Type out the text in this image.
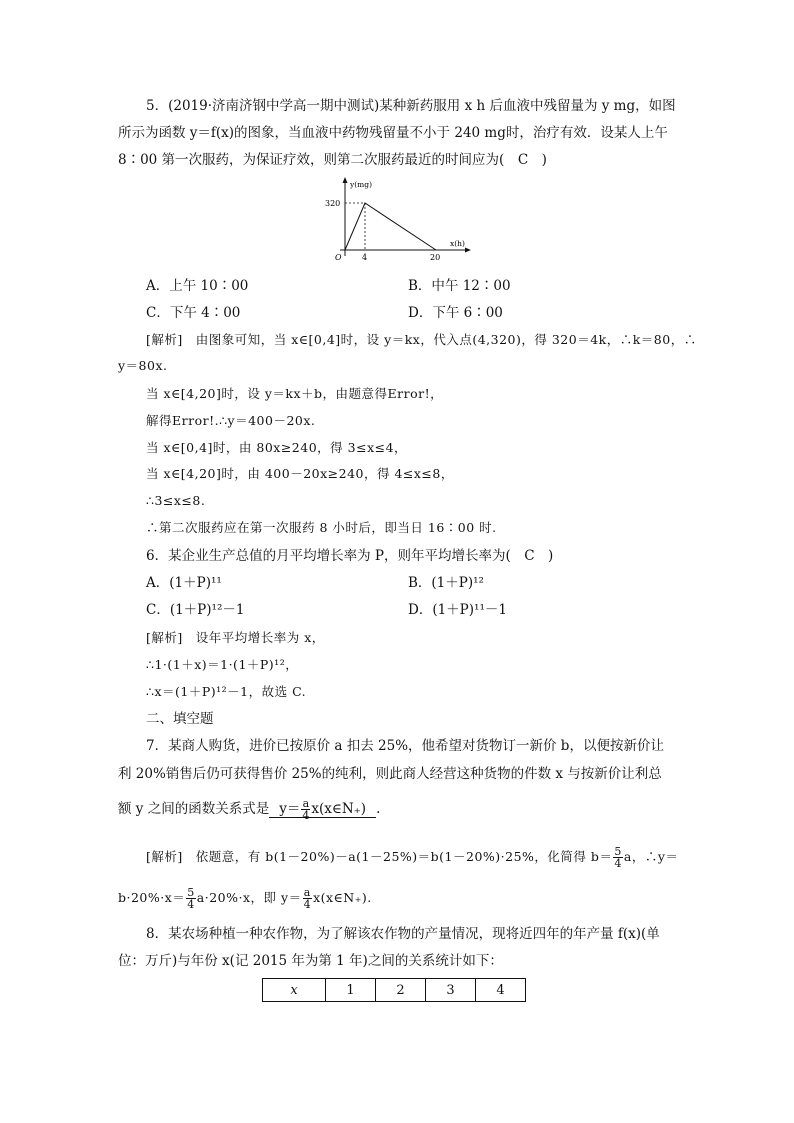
5．(2019·济南济钢中学高一期中测试)某种新药服用 x h 后血液中残留量为 y mg，如图
所示为函数 y＝f(x)的图象，当血液中药物残留量不小于 240 mg时，治疗有效．设某人上午
8∶00 第一次服药，为保证疗效，则第二次服药最近的时间应为(　C　)
y(mg)
x(h)
320
O	4	20
A．上午 10∶00	B．中午 12∶00
C．下午 4∶00	D．下午 6∶00
[解析]　由图象可知，当 x∈[0,4]时，设 y＝kx，代入点(4,320)，得 320＝4k，∴k＝80，∴
y＝80x.
当 x∈[4,20]时，设 y＝kx＋b，由题意得Error!，
解得Error!.∴y＝400－20x.
当 x∈[0,4]时，由 80x≥240，得 3≤x≤4，
当 x∈[4,20]时，由 400－20x≥240，得 4≤x≤8，
∴3≤x≤8.
∴第二次服药应在第一次服药 8 小时后，即当日 16∶00 时.
6．某企业生产总值的月平均增长率为 P，则年平均增长率为(　C　)
A．(1＋P)¹¹	B．(1＋P)¹²
C．(1＋P)¹²－1	D．(1＋P)¹¹－1
[解析]　设年平均增长率为 x，
∴1·(1＋x)＝1·(1＋P)¹²，
∴x＝(1＋P)¹²－1，故选 C.
二、填空题
7．某商人购货，进价已按原价 a 扣去 25%，他希望对货物订一新价 b，以便按新价让
利 20%销售后仍可获得售价 25%的纯利，则此商人经营这种货物的件数 x 与按新价让利总
额 y 之间的函数关系式是 $y= \frac{a}{4}$ x(x∈N₊) .
[解析]　依题意，有 b(1－20%)－a(1－25%)＝b(1－20%)·25%，化简得 $b= \frac{5}{4}$ a，∴y＝
$b\cdot 20\%\cdot x= \frac{5}{4} a\cdot 20\%\cdot x$，即 $y= \frac{a}{4}$ x(x∈N₊).
8．某农场种植一种农作物，为了解该农作物的产量情况，现将近四年的年产量 f(x)(单
位：万斤)与年份 x(记 2015 年为第 1 年)之间的关系统计如下：
x	1	2	3	4
